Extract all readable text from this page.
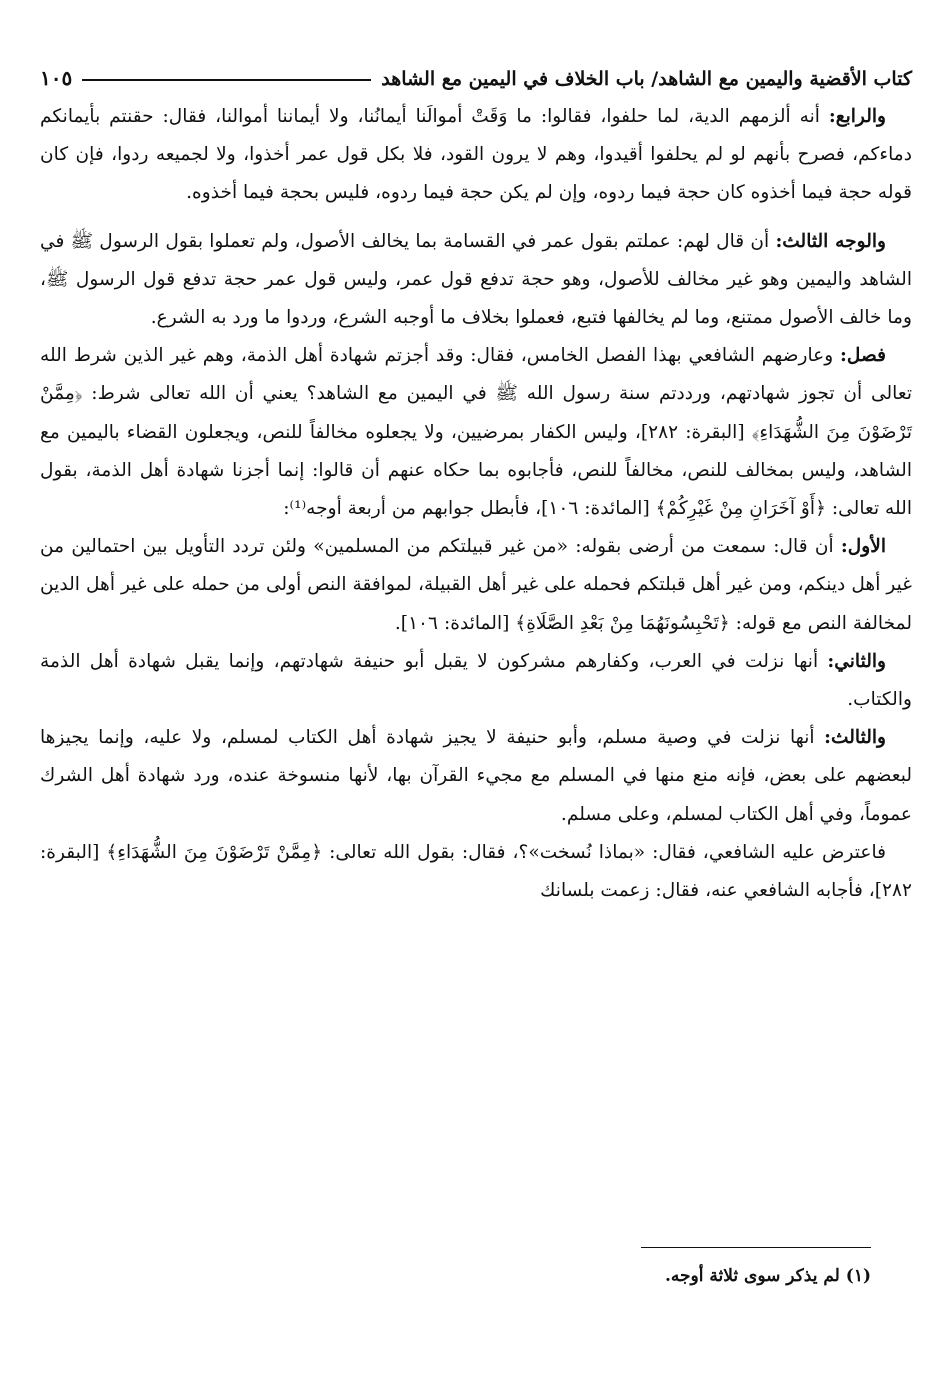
كتاب الأقضية واليمين مع الشاهد/ باب الخلاف في اليمين مع الشاهد
١٠٥

والرابع: أنه ألزمهم الدية، لما حلفوا، فقالوا: ما وَقَتْ أموالَنا أيمانُنا، ولا أيماننا أموالنا، فقال: حقنتم بأيمانكم دماءكم، فصرح بأنهم لو لم يحلفوا أقيدوا، وهم لا يرون القود، فلا بكل قول عمر أخذوا، ولا لجميعه ردوا، فإن كان قوله حجة فيما أخذوه كان حجة فيما ردوه، وإن لم يكن حجة فيما ردوه، فليس بحجة فيما أخذوه.

والوجه الثالث: أن قال لهم: عملتم بقول عمر في القسامة بما يخالف الأصول، ولم تعملوا بقول الرسول ﷺ في الشاهد واليمين وهو غير مخالف للأصول، وهو حجة تدفع قول عمر، وليس قول عمر حجة تدفع قول الرسول ﷺ، وما خالف الأصول ممتنع، وما لم يخالفها فتبع، فعملوا بخلاف ما أوجبه الشرع، وردوا ما ورد به الشرع.

فصل: وعارضهم الشافعي بهذا الفصل الخامس، فقال: وقد أجزتم شهادة أهل الذمة، وهم غير الذين شرط الله تعالى أن تجوز شهادتهم، ورددتم سنة رسول الله ﷺ في اليمين مع الشاهد؟ يعني أن الله تعالى شرط: ﴿مِمَّنْ تَرْضَوْنَ مِنَ الشُّهَدَاءِ﴾ [البقرة: ٢٨٢]، وليس الكفار بمرضيين، ولا يجعلوه مخالفاً للنص، ويجعلون القضاء باليمين مع الشاهد، وليس بمخالف للنص، مخالفاً للنص، فأجابوه بما حكاه عنهم أن قالوا: إنما أجزنا شهادة أهل الذمة، بقول الله تعالى: ﴿أَوْ آخَرَانِ مِنْ غَيْرِكُمْ﴾ [المائدة: ١٠٦]، فأبطل جوابهم من أربعة أوجه⁽¹⁾:

الأول: أن قال: سمعت من أرضى بقوله: «من غير قبيلتكم من المسلمين» ولئن تردد التأويل بين احتمالين من غير أهل دينكم، ومن غير أهل قبلتكم فحمله على غير أهل القبيلة، لموافقة النص أولى من حمله على غير أهل الدين لمخالفة النص مع قوله: ﴿تَحْبِسُونَهُمَا مِنْ بَعْدِ الصَّلَاةِ﴾ [المائدة: ١٠٦].

والثاني: أنها نزلت في العرب، وكفارهم مشركون لا يقبل أبو حنيفة شهادتهم، وإنما يقبل شهادة أهل الذمة والكتاب.

والثالث: أنها نزلت في وصية مسلم، وأبو حنيفة لا يجيز شهادة أهل الكتاب لمسلم، ولا عليه، وإنما يجيزها لبعضهم على بعض، فإنه منع منها في المسلم مع مجيء القرآن بها، لأنها منسوخة عنده، ورد شهادة أهل الشرك عموماً، وفي أهل الكتاب لمسلم، وعلى مسلم.

فاعترض عليه الشافعي، فقال: «بماذا نُسخت»؟، فقال: بقول الله تعالى: ﴿مِمَّنْ تَرْضَوْنَ مِنَ الشُّهَدَاءِ﴾ [البقرة: ٢٨٢]، فأجابه الشافعي عنه، فقال: زعمت بلسانك

(١) لم يذكر سوى ثلاثة أوجه.
